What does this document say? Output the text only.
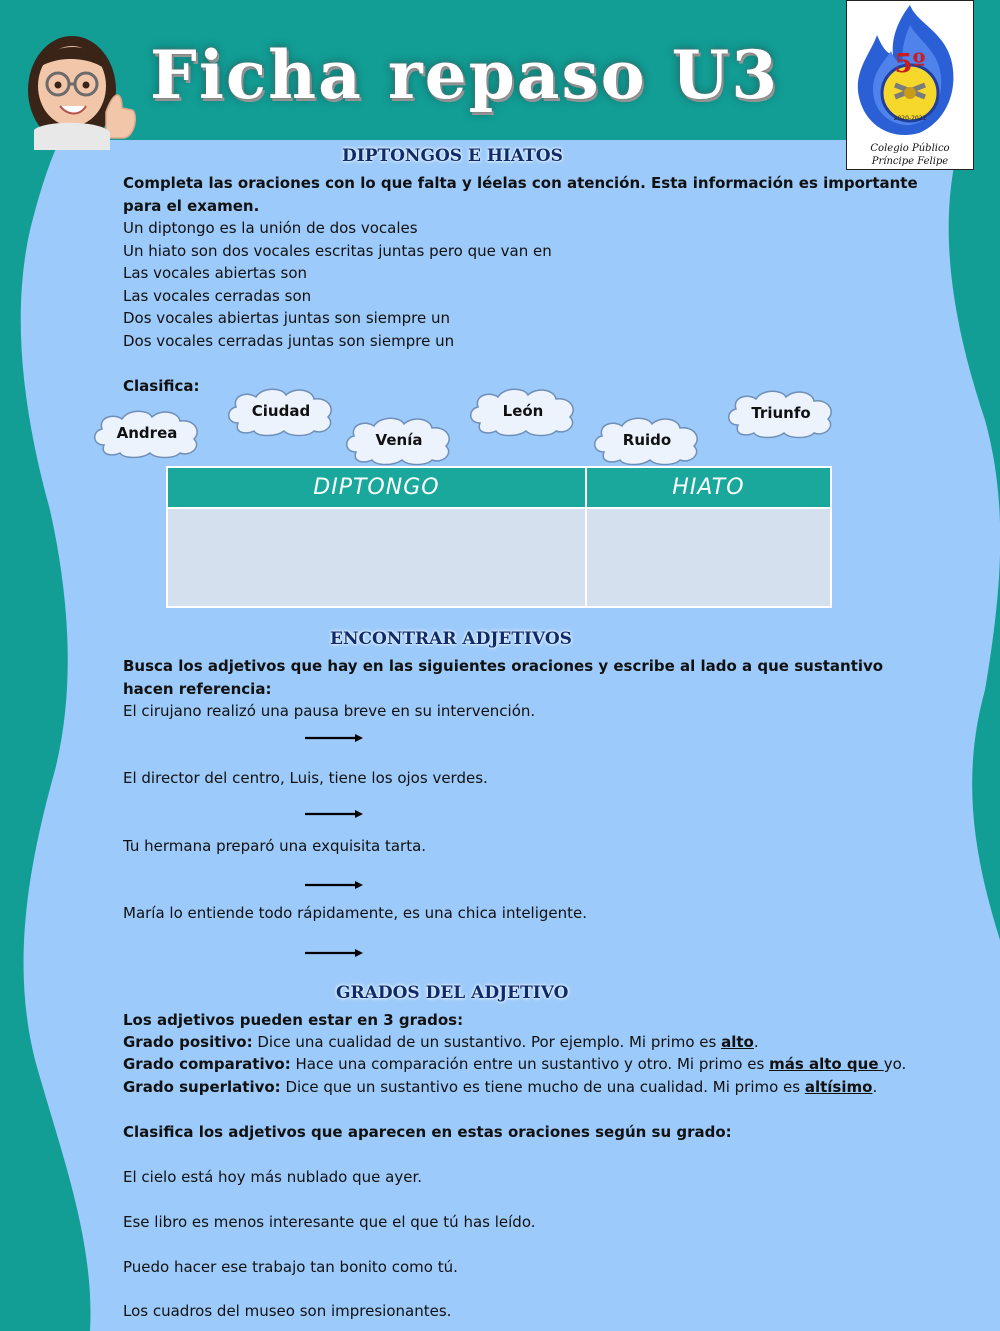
Ficha repaso U3	5º
2020-2021
Colegio Público
Príncipe Felipe
DIPTONGOS E HIATOS
Completa las oraciones con lo que falta y léelas con atención. Esta información es importante para el examen.
Un diptongo es la unión de dos vocales
Un hiato son dos vocales escritas juntas pero que van en
Las vocales abiertas son
Las vocales cerradas son
Dos vocales abiertas juntas son siempre un
Dos vocales cerradas juntas son siempre un
Clasifica:
Andrea
Ciudad
Venía
León
Ruido
Triunfo
DIPTONGO	HIATO

ENCONTRAR ADJETIVOS
Busca los adjetivos que hay en las siguientes oraciones y escribe al lado a que sustantivo hacen referencia:
El cirujano realizó una pausa breve en su intervención.
El director del centro, Luis, tiene los ojos verdes.
Tu hermana preparó una exquisita tarta.
María lo entiende todo rápidamente, es una chica inteligente.
GRADOS DEL ADJETIVO
Los adjetivos pueden estar en 3 grados:
Grado positivo: Dice una cualidad de un sustantivo. Por ejemplo. Mi primo es alto.
Grado comparativo: Hace una comparación entre un sustantivo y otro. Mi primo es más alto que yo.
Grado superlativo: Dice que un sustantivo es tiene mucho de una cualidad. Mi primo es altísimo.
Clasifica los adjetivos que aparecen en estas oraciones según su grado:
El cielo está hoy más nublado que ayer.
Ese libro es menos interesante que el que tú has leído.
Puedo hacer ese trabajo tan bonito como tú.
Los cuadros del museo son impresionantes.
